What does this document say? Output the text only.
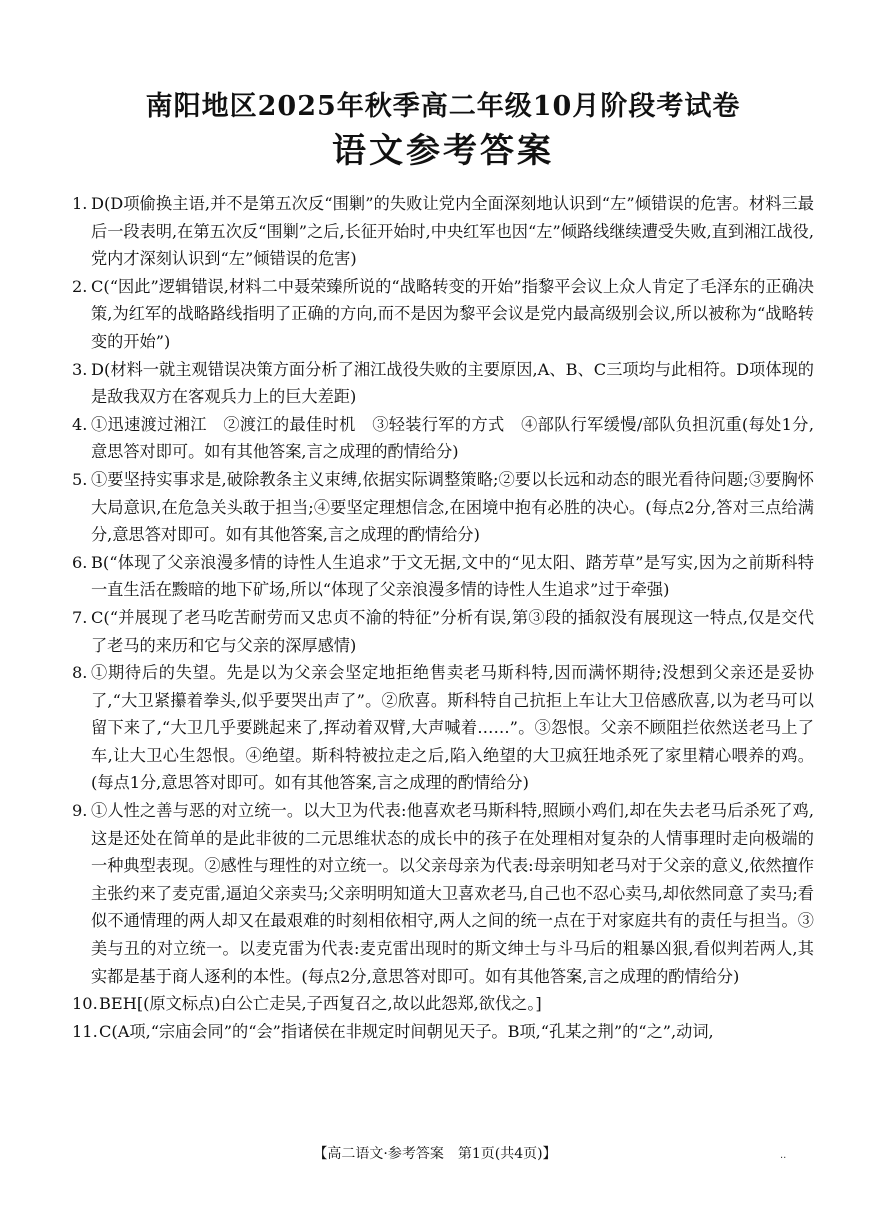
南阳地区2025年秋季高二年级10月阶段考试卷
语文参考答案
1. D(D项偷换主语,并不是第五次反“围剿”的失败让党内全面深刻地认识到“左”倾错误的危害。材料三最后一段表明,在第五次反“围剿”之后,长征开始时,中央红军也因“左”倾路线继续遭受失败,直到湘江战役,党内才深刻认识到“左”倾错误的危害)
2. C(“因此”逻辑错误,材料二中聂荣臻所说的“战略转变的开始”指黎平会议上众人肯定了毛泽东的正确决策,为红军的战略路线指明了正确的方向,而不是因为黎平会议是党内最高级别会议,所以被称为“战略转变的开始”)
3. D(材料一就主观错误决策方面分析了湘江战役失败的主要原因,A、B、C三项均与此相符。D项体现的是敌我双方在客观兵力上的巨大差距)
4. ①迅速渡过湘江　②渡江的最佳时机　③轻装行军的方式　④部队行军缓慢/部队负担沉重(每处1分,意思答对即可。如有其他答案,言之成理的酌情给分)
5. ①要坚持实事求是,破除教条主义束缚,依据实际调整策略;②要以长远和动态的眼光看待问题;③要胸怀大局意识,在危急关头敢于担当;④要坚定理想信念,在困境中抱有必胜的决心。(每点2分,答对三点给满分,意思答对即可。如有其他答案,言之成理的酌情给分)
6. B(“体现了父亲浪漫多情的诗性人生追求”于文无据,文中的“见太阳、踏芳草”是写实,因为之前斯科特一直生活在黢暗的地下矿场,所以“体现了父亲浪漫多情的诗性人生追求”过于牵强)
7. C(“并展现了老马吃苦耐劳而又忠贞不渝的特征”分析有误,第③段的插叙没有展现这一特点,仅是交代了老马的来历和它与父亲的深厚感情)
8. ①期待后的失望。先是以为父亲会坚定地拒绝售卖老马斯科特,因而满怀期待;没想到父亲还是妥协了,“大卫紧攥着拳头,似乎要哭出声了”。②欣喜。斯科特自己抗拒上车让大卫倍感欣喜,以为老马可以留下来了,“大卫几乎要跳起来了,挥动着双臂,大声喊着……”。③怨恨。父亲不顾阻拦依然送老马上了车,让大卫心生怨恨。④绝望。斯科特被拉走之后,陷入绝望的大卫疯狂地杀死了家里精心喂养的鸡。(每点1分,意思答对即可。如有其他答案,言之成理的酌情给分)
9. ①人性之善与恶的对立统一。以大卫为代表:他喜欢老马斯科特,照顾小鸡们,却在失去老马后杀死了鸡,这是还处在简单的是此非彼的二元思维状态的成长中的孩子在处理相对复杂的人情事理时走向极端的一种典型表现。②感性与理性的对立统一。以父亲母亲为代表:母亲明知老马对于父亲的意义,依然擅作主张约来了麦克雷,逼迫父亲卖马;父亲明明知道大卫喜欢老马,自己也不忍心卖马,却依然同意了卖马;看似不通情理的两人却又在最艰难的时刻相依相守,两人之间的统一点在于对家庭共有的责任与担当。③美与丑的对立统一。以麦克雷为代表:麦克雷出现时的斯文绅士与斗马后的粗暴凶狠,看似判若两人,其实都是基于商人逐利的本性。(每点2分,意思答对即可。如有其他答案,言之成理的酌情给分)
10. BEH[(原文标点)白公亡走吴,子西复召之,故以此怨郑,欲伐之。]
11. C(A项,“宗庙会同”的“会”指诸侯在非规定时间朝见天子。B项,“孔某之荆”的“之”,动词,
【高二语文·参考答案　第1页(共4页)】	..
